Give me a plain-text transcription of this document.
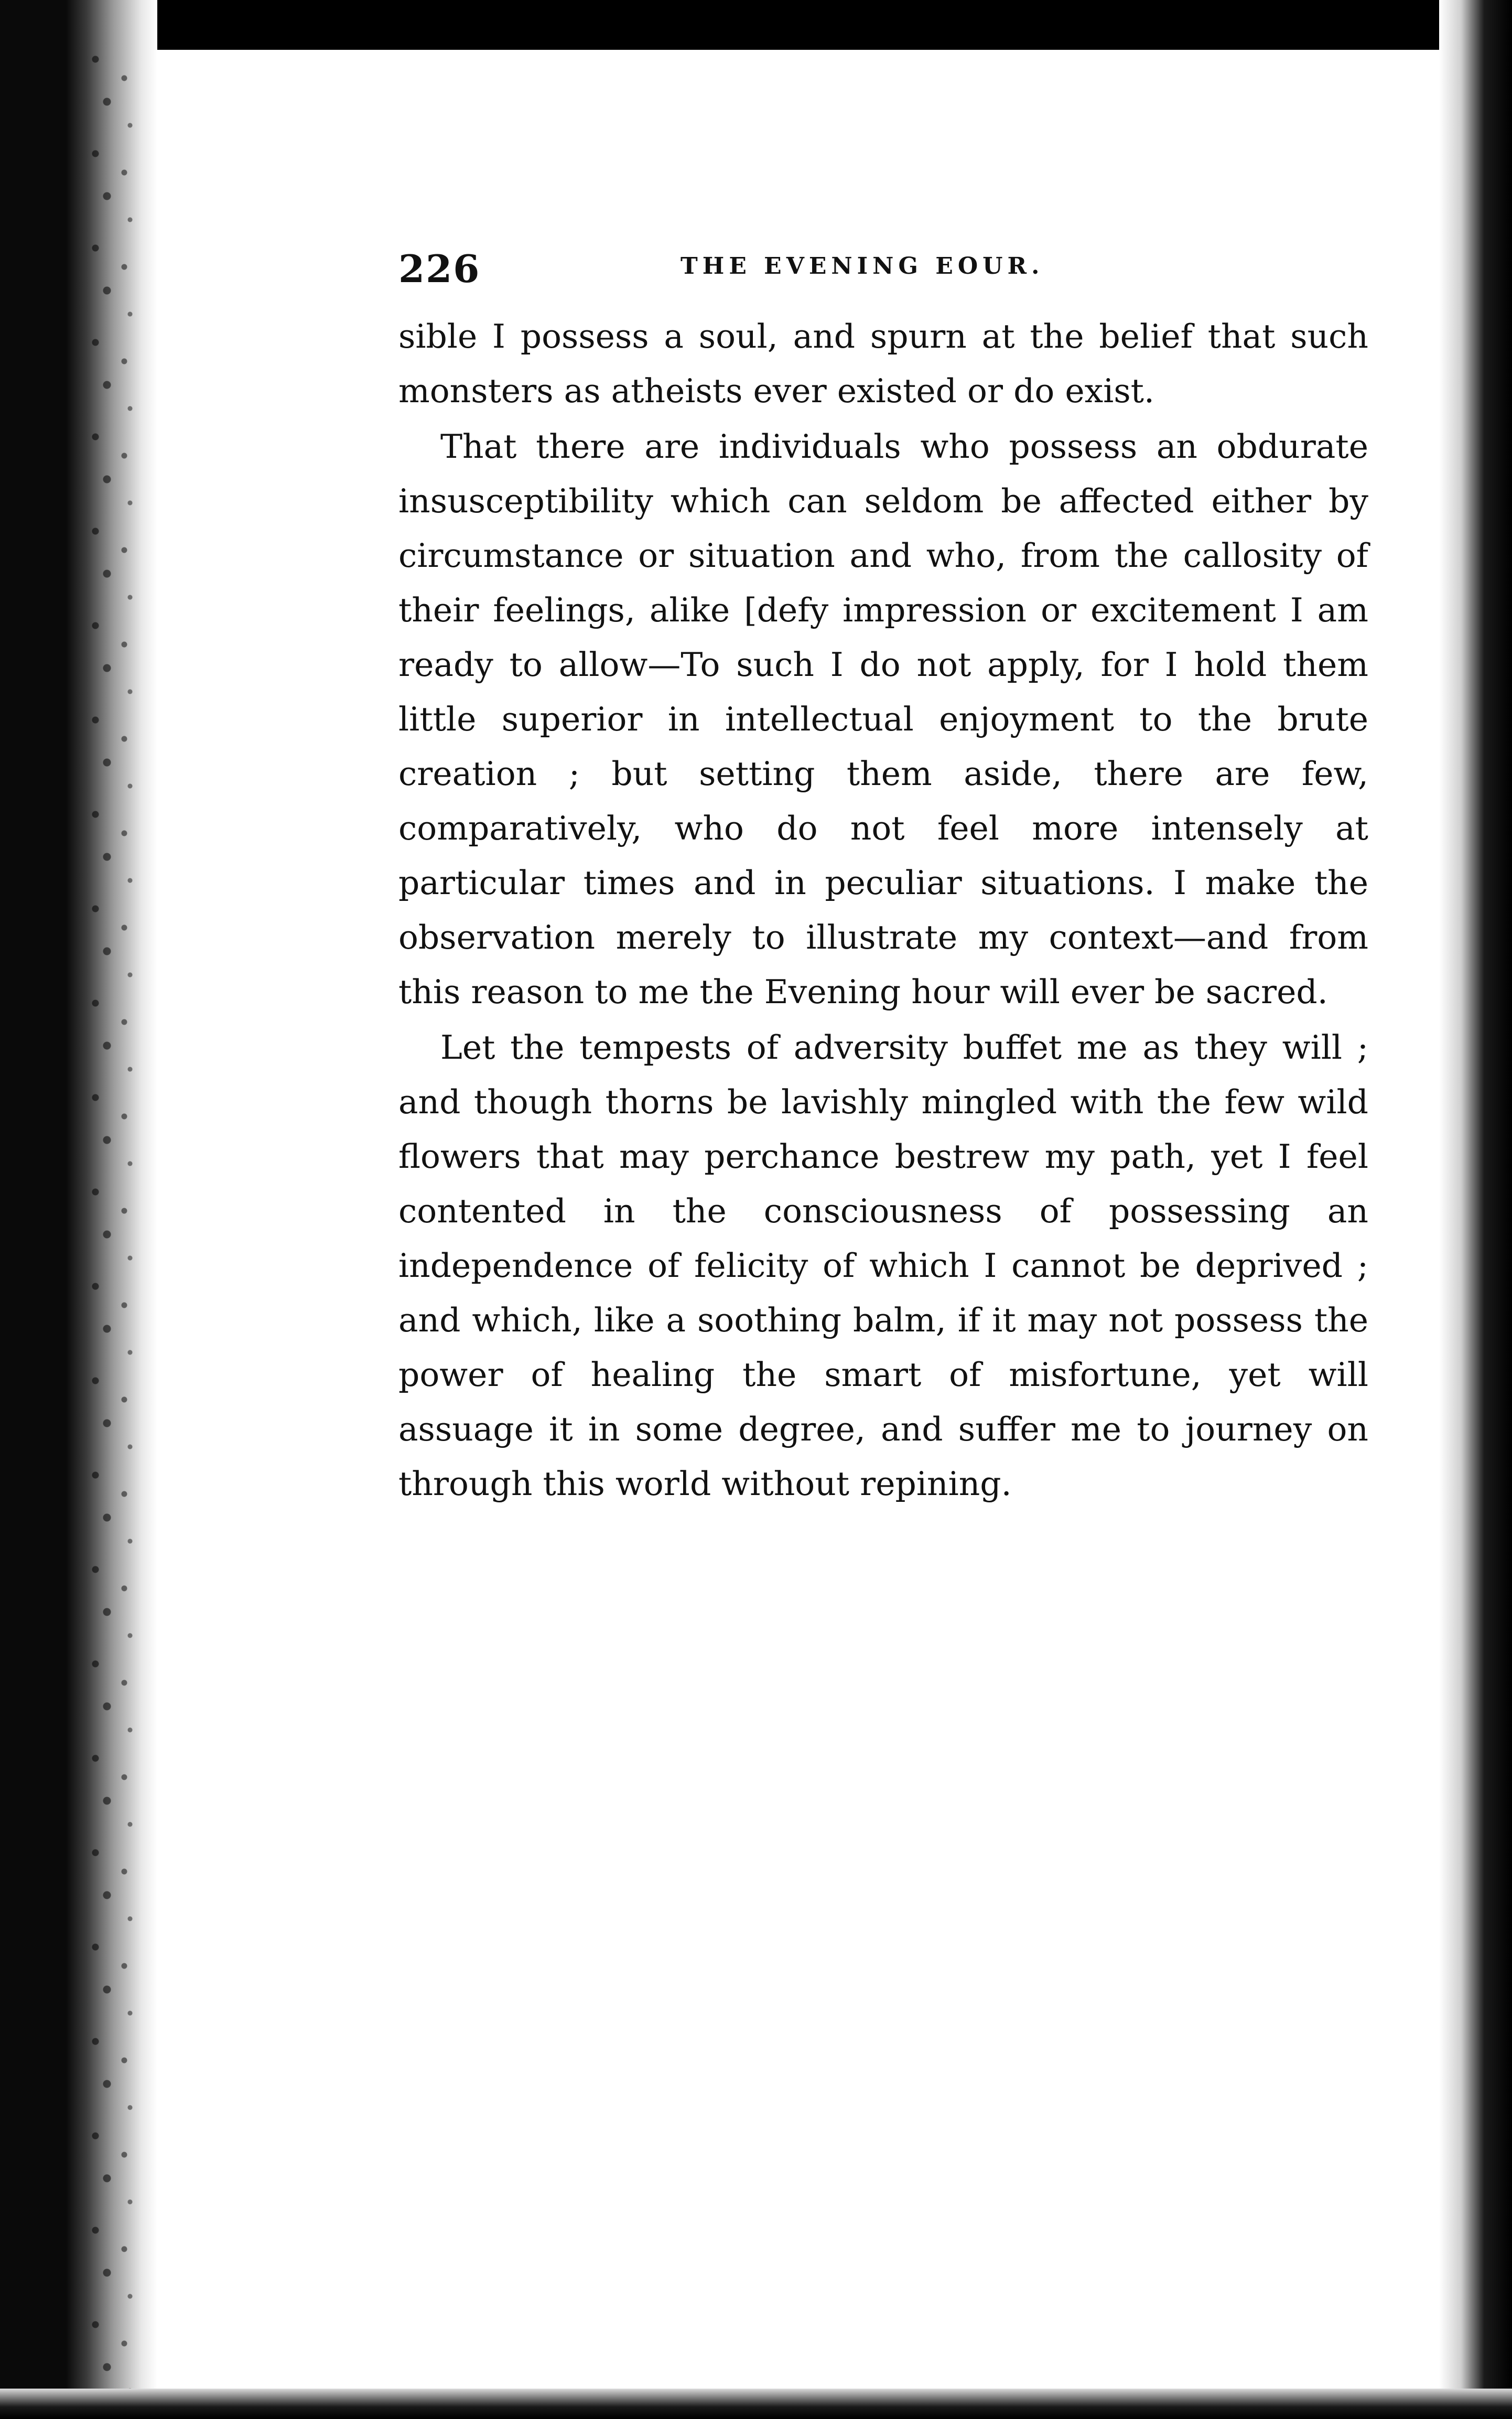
226	THE EVENING EOUR.

sible I possess a soul, and spurn at the belief that such monsters as atheists ever existed or do exist.

That there are individuals who possess an obdurate insusceptibility which can seldom be affected either by circumstance or situation and who, from the callosity of their feelings, alike [defy impression or excitement I am ready to allow—To such I do not apply, for I hold them little superior in intellectual enjoyment to the brute creation ; but setting them aside, there are few, comparatively, who do not feel more intensely at particular times and in peculiar situations. I make the observation merely to illustrate my context—and from this reason to me the Evening hour will ever be sacred.

Let the tempests of adversity buffet me as they will ; and though thorns be lavishly mingled with the few wild flowers that may perchance bestrew my path, yet I feel contented in the consciousness of possessing an independence of felicity of which I cannot be deprived ; and which, like a soothing balm, if it may not possess the power of healing the smart of misfortune, yet will assuage it in some degree, and suffer me to journey on through this world without repining.
